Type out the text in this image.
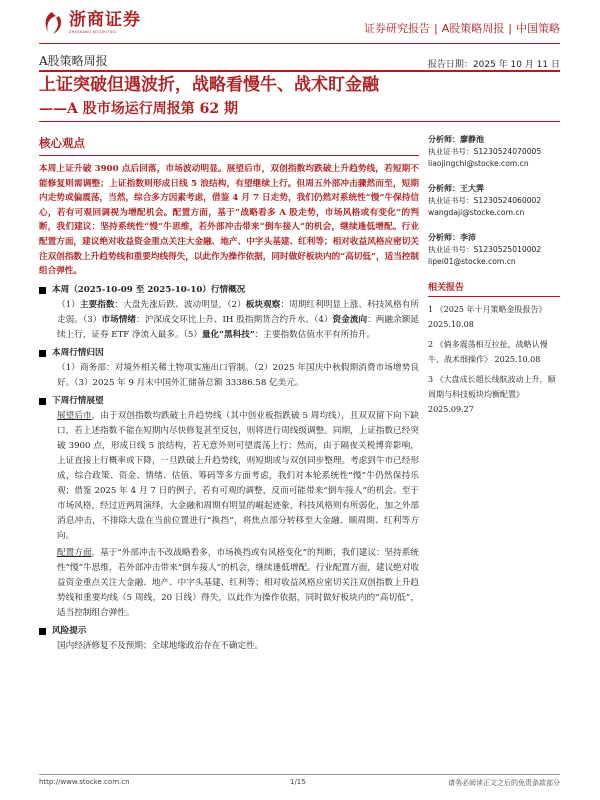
浙商证券
ZHESHANG SECURITIES	证券研究报告 | A股策略周报 | 中国策略
A股策略周报	报告日期：2025 年 10 月 11 日
上证突破但遇波折，战略看慢牛、战术盯金融
——A 股市场运行周报第 62 期
核心观点
本周上证升破 3900 点后回落，市场波动明显。展望后市，双创指数均跌破上升趋势线，若短期不能修复则需调整；上证指数则形成日线 5 浪结构，有望继续上行。但周五外部冲击骤然而至，短期内走势或偏震荡，当然，综合多方因素考虑，借鉴 4 月 7 日走势，我们仍然对系统性“慢”牛保持信心，若有可观回调视为增配机会。配置方面，基于“战略看多 A 股走势，市场风格或有变化”的判断，我们建议：坚持系统性“慢”牛思维，若外部冲击带来“倒车接人”的机会，继续逢低增配。行业配置方面，建议绝对收益资金重点关注大金融、地产、中字头基建、红利等；相对收益风格应密切关注双创指数上升趋势线和重要均线得失，以此作为操作依据，同时做好板块内的“高切低”，适当控制组合弹性。
本周（2025-10-09 至 2025-10-10）行情概况
（1）主要指数：大盘先涨后跌、波动明显，（2）板块观察：周期红利明显上涨、科技风格有所走弱。（3）市场情绪：沪深成交环比上升、IH 股指期货合约升水。（4）资金流向：两融余额延续上行，证券 ETF 净流入最多。（5）量化“黑科技”：主要指数估值水平有所抬升。
本周行情归因
（1）商务部：对境外相关稀土物项实施出口管制。（2）2025 年国庆中秋假期消费市场增势良好。（3）2025 年 9 月末中国外汇储备总额 33386.58 亿美元。
下周行情展望
展望后市，由于双创指数均跌破上升趋势线（其中创业板指跌破 5 周均线），且双双留下向下缺口，若上述指数不能在短期内尽快修复甚至反包，则将进行周线级调整。同期，上证指数已经突破 3900 点，形成日线 5 浪结构，若无意外则可望震荡上行；然而，由于隔夜关税博弈影响，上证直接上行概率或下降，一旦跌破上升趋势线，则短期或与双创同步整理。考虑到牛市已经形成，综合政策、资金、情绪、估值、筹码等多方面考虑，我们对本轮系统性“慢”牛仍然保持乐观；借鉴 2025 年 4 月 7 日的例子，若有可观的调整，反而可能带来“倒车接人”的机会。至于市场风格，经过近两周演绎，大金融和周期有明显的崛起迹象，科技风格则有所弱化，加之外部消息冲击，不排除大盘在当前位置进行“换挡”，将焦点部分转移至大金融、顺周期、红利等方向。
配置方面，基于“外部冲击不改战略看多，市场换挡或有风格变化”的判断，我们建议：坚持系统性“慢”牛思维，若外部冲击带来“倒车接人”的机会，继续逢低增配。行业配置方面，建议绝对收益资金重点关注大金融、地产、中字头基建、红利等；相对收益风格应密切关注双创指数上升趋势线和重要均线（5 周线，20 日线）得失，以此作为操作依据，同时做好板块内的“高切低”，适当控制组合弹性。
风险提示
国内经济修复不及预期；全球地缘政治存在不确定性。
分析师：廖静池
执业证书号：S1230524070005
liaojingchi@stocke.com.cn
分析师：王大霁
执业证书号：S1230524060002
wangdaji@stocke.com.cn
分析师：李沛
执业证书号：S1230525010002
lipei01@stocke.com.cn
相关报告
1 《2025 年十月策略金股报告》 2025.10.08
2 《倘多震荡相互拉扯，战略认慢牛、战术细操作》 2025.10.08
3 《大盘成长超长线航波动上升，顺周期与科技板块均衡配置》 2025.09.27
http://www.stocke.com.cn	1/15	请务必阅读正文之后的免责条款部分
